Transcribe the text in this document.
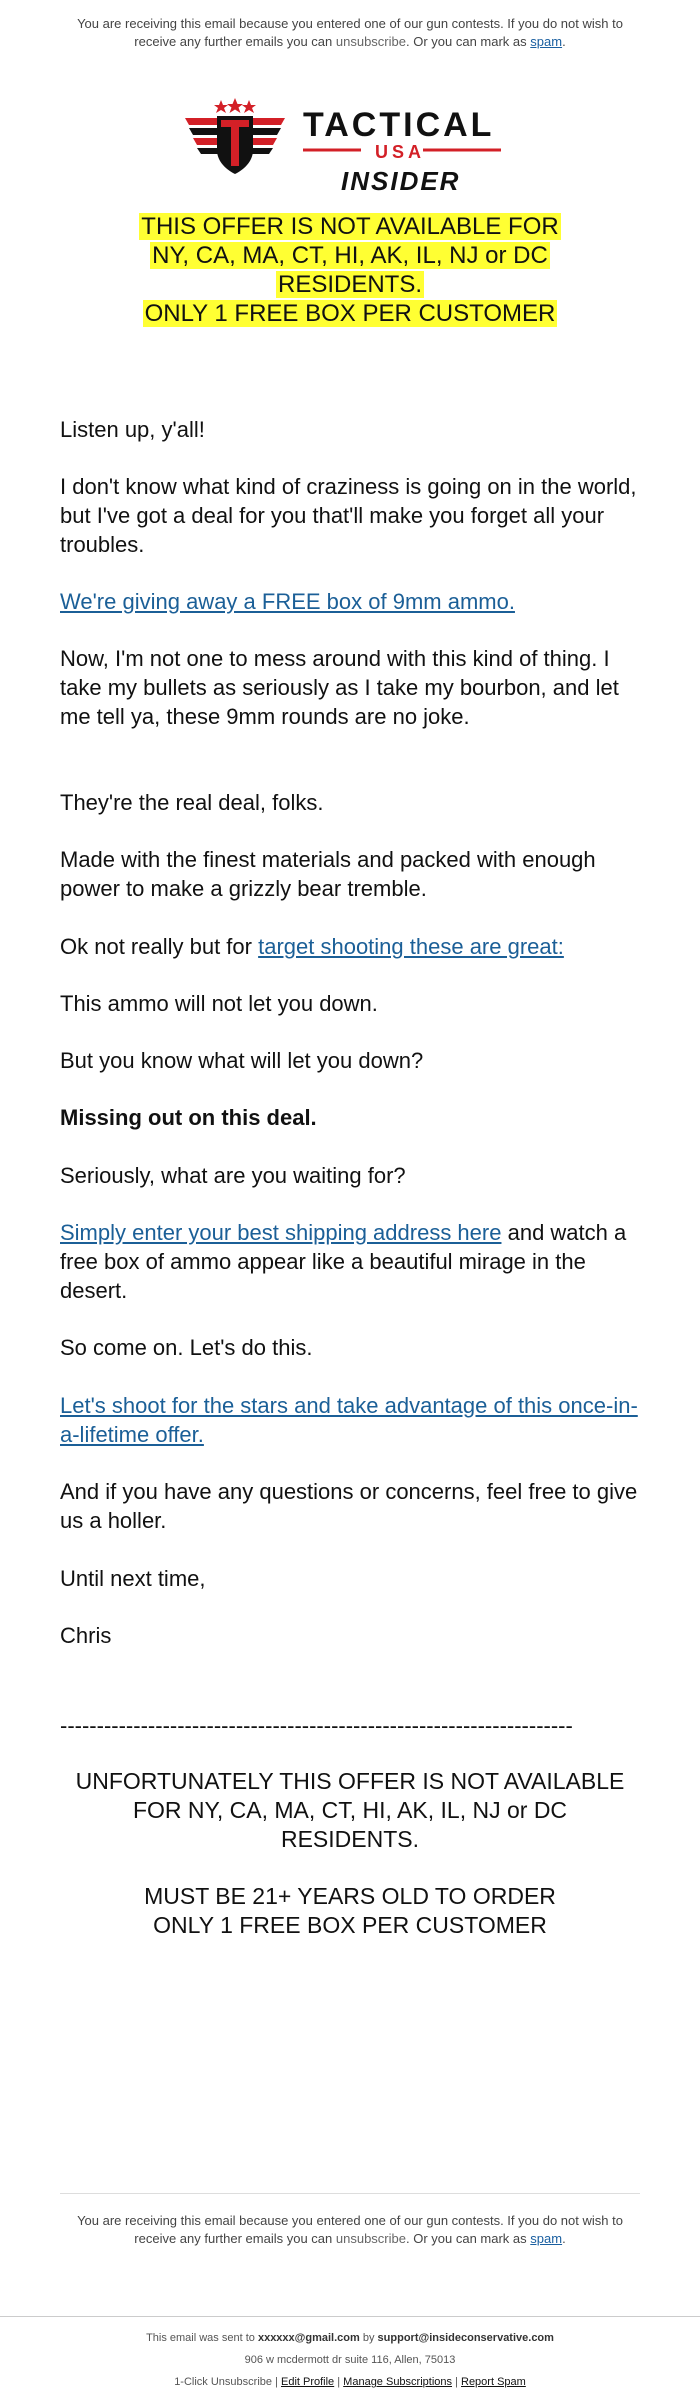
You are receiving this email because you entered one of our gun contests. If you do not wish to receive any further emails you can unsubscribe. Or you can mark as spam.
TACTICAL
USA
INSIDER
THIS OFFER IS NOT AVAILABLE FOR
NY, CA, MA, CT, HI, AK, IL, NJ or DC
RESIDENTS.
ONLY 1 FREE BOX PER CUSTOMER
Listen up, y'all!
I don't know what kind of craziness is going on in the world, but I've got a deal for you that'll make you forget all your troubles.
We're giving away a FREE box of 9mm ammo.
Now, I'm not one to mess around with this kind of thing. I take my bullets as seriously as I take my bourbon, and let me tell ya, these 9mm rounds are no joke.
They're the real deal, folks.
Made with the finest materials and packed with enough power to make a grizzly bear tremble.
Ok not really but for target shooting these are great:
This ammo will not let you down.
But you know what will let you down?
Missing out on this deal.
Seriously, what are you waiting for?
Simply enter your best shipping address here and watch a free box of ammo appear like a beautiful mirage in the desert.
So come on. Let's do this.
Let's shoot for the stars and take advantage of this once-in-a-lifetime offer.
And if you have any questions or concerns, feel free to give us a holler.
Until next time,
Chris
----------------------------------------------------------------------
UNFORTUNATELY THIS OFFER IS NOT AVAILABLE
FOR NY, CA, MA, CT, HI, AK, IL, NJ or DC
RESIDENTS.
MUST BE 21+ YEARS OLD TO ORDER
ONLY 1 FREE BOX PER CUSTOMER
You are receiving this email because you entered one of our gun contests. If you do not wish to receive any further emails you can unsubscribe. Or you can mark as spam.
This email was sent to xxxxxx@gmail.com by support@insideconservative.com
906 w mcdermott dr suite 116, Allen, 75013
1-Click Unsubscribe | Edit Profile | Manage Subscriptions | Report Spam
